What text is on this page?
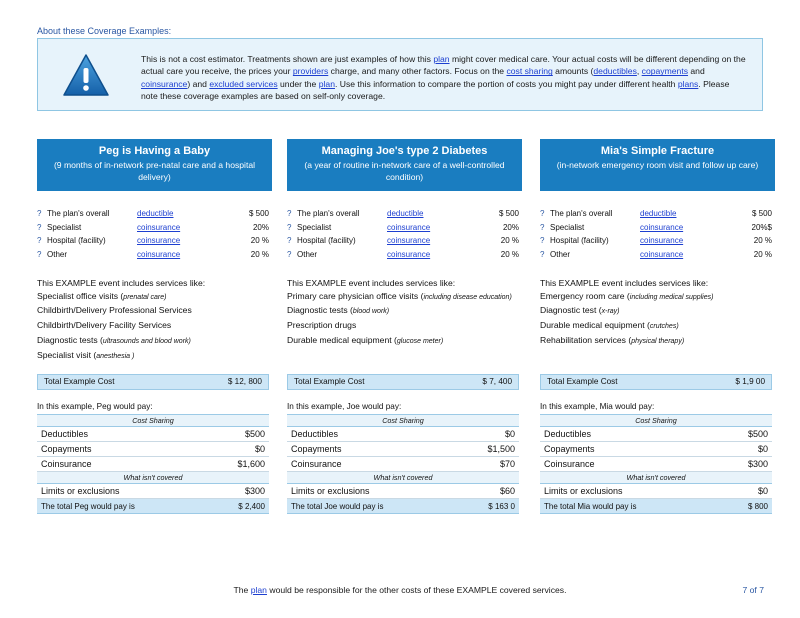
About these Coverage Examples:
This is not a cost estimator. Treatments shown are just examples of how this plan might cover medical care. Your actual costs will be different depending on the actual care you receive, the prices your providers charge, and many other factors. Focus on the cost sharing amounts (deductibles, copayments and coinsurance) and excluded services under the plan. Use this information to compare the portion of costs you might pay under different health plans. Please note these coverage examples are based on self-only coverage.
Peg is Having a Baby
(9 months of in-network pre-natal care and a hospital delivery)
? The plan's overall	deductible	$ 500
? Specialist	coinsurance	20%
? Hospital (facility)	coinsurance	20 %
? Other	coinsurance	20 %
This EXAMPLE event includes services like:
Specialist office visits (prenatal care)
Childbirth/Delivery Professional Services
Childbirth/Delivery Facility Services
Diagnostic tests (ultrasounds and blood work)
Specialist visit (anesthesia )
Total Example Cost	$ 12, 800
In this example, Peg would pay:
Cost Sharing	
Deductibles	$500
Copayments	$0
Coinsurance	$1,600
What isn't covered	
Limits or exclusions	$300
The total Peg would pay is	$ 2,400
Managing Joe's type 2 Diabetes
(a year of routine in-network care of a well-controlled condition)
? The plan's overall	deductible	$ 500
? Specialist	coinsurance	20%
? Hospital (facility)	coinsurance	20 %
? Other	coinsurance	20 %
This EXAMPLE event includes services like:
Primary care physician office visits (including disease education)
Diagnostic tests (blood work)
Prescription drugs
Durable medical equipment (glucose meter)
Total Example Cost	$ 7, 400
In this example, Joe would pay:
Cost Sharing	
Deductibles	$0
Copayments	$1,500
Coinsurance	$70
What isn't covered	
Limits or exclusions	$60
The total Joe would pay is	$ 163 0
Mia's Simple Fracture
(in-network emergency room visit and follow up care)
? The plan's overall	deductible	$ 500
? Specialist	coinsurance	20%$
? Hospital (facility)	coinsurance	20 %
? Other	coinsurance	20 %
This EXAMPLE event includes services like:
Emergency room care (including medical supplies)
Diagnostic test (x-ray)
Durable medical equipment (crutches)
Rehabilitation services (physical therapy)
Total Example Cost	$ 1,9 00
In this example, Mia would pay:
Cost Sharing	
Deductibles	$500
Copayments	$0
Coinsurance	$300
What isn't covered	
Limits or exclusions	$0
The total Mia would pay is	$ 800
The plan would be responsible for the other costs of these EXAMPLE covered services.	7 of 7
